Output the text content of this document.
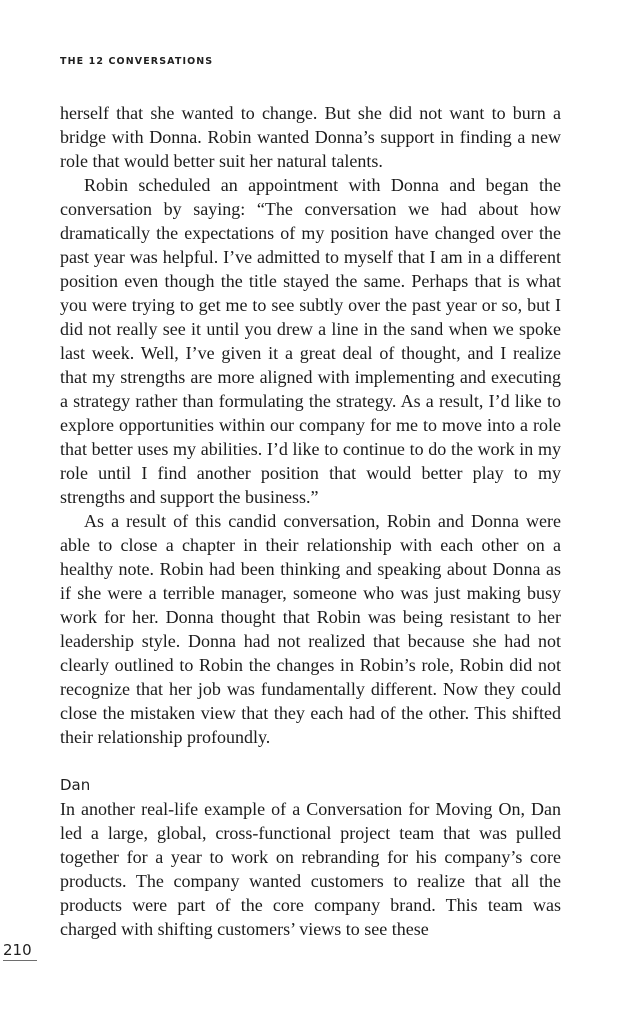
THE 12 CONVERSATIONS

herself that she wanted to change. But she did not want to burn a bridge with Donna. Robin wanted Donna’s support in finding a new role that would better suit her natural talents.

Robin scheduled an appointment with Donna and began the conversation by saying: “The conversation we had about how dramatically the expectations of my position have changed over the past year was helpful. I’ve admitted to myself that I am in a different position even though the title stayed the same. Perhaps that is what you were trying to get me to see subtly over the past year or so, but I did not really see it until you drew a line in the sand when we spoke last week. Well, I’ve given it a great deal of thought, and I realize that my strengths are more aligned with implementing and executing a strategy rather than formulating the strategy. As a result, I’d like to explore opportunities within our company for me to move into a role that better uses my abilities. I’d like to continue to do the work in my role until I find another position that would better play to my strengths and support the business.”

As a result of this candid conversation, Robin and Donna were able to close a chapter in their relationship with each other on a healthy note. Robin had been thinking and speaking about Donna as if she were a terrible manager, someone who was just making busy work for her. Donna thought that Robin was being resistant to her leadership style. Donna had not realized that because she had not clearly outlined to Robin the changes in Robin’s role, Robin did not recognize that her job was fundamentally different. Now they could close the mistaken view that they each had of the other. This shifted their relationship profoundly.

Dan

In another real-life example of a Conversation for Moving On, Dan led a large, global, cross-functional project team that was pulled together for a year to work on rebranding for his company’s core products. The company wanted customers to realize that all the products were part of the core company brand. This team was charged with shifting customers’ views to see these

210
